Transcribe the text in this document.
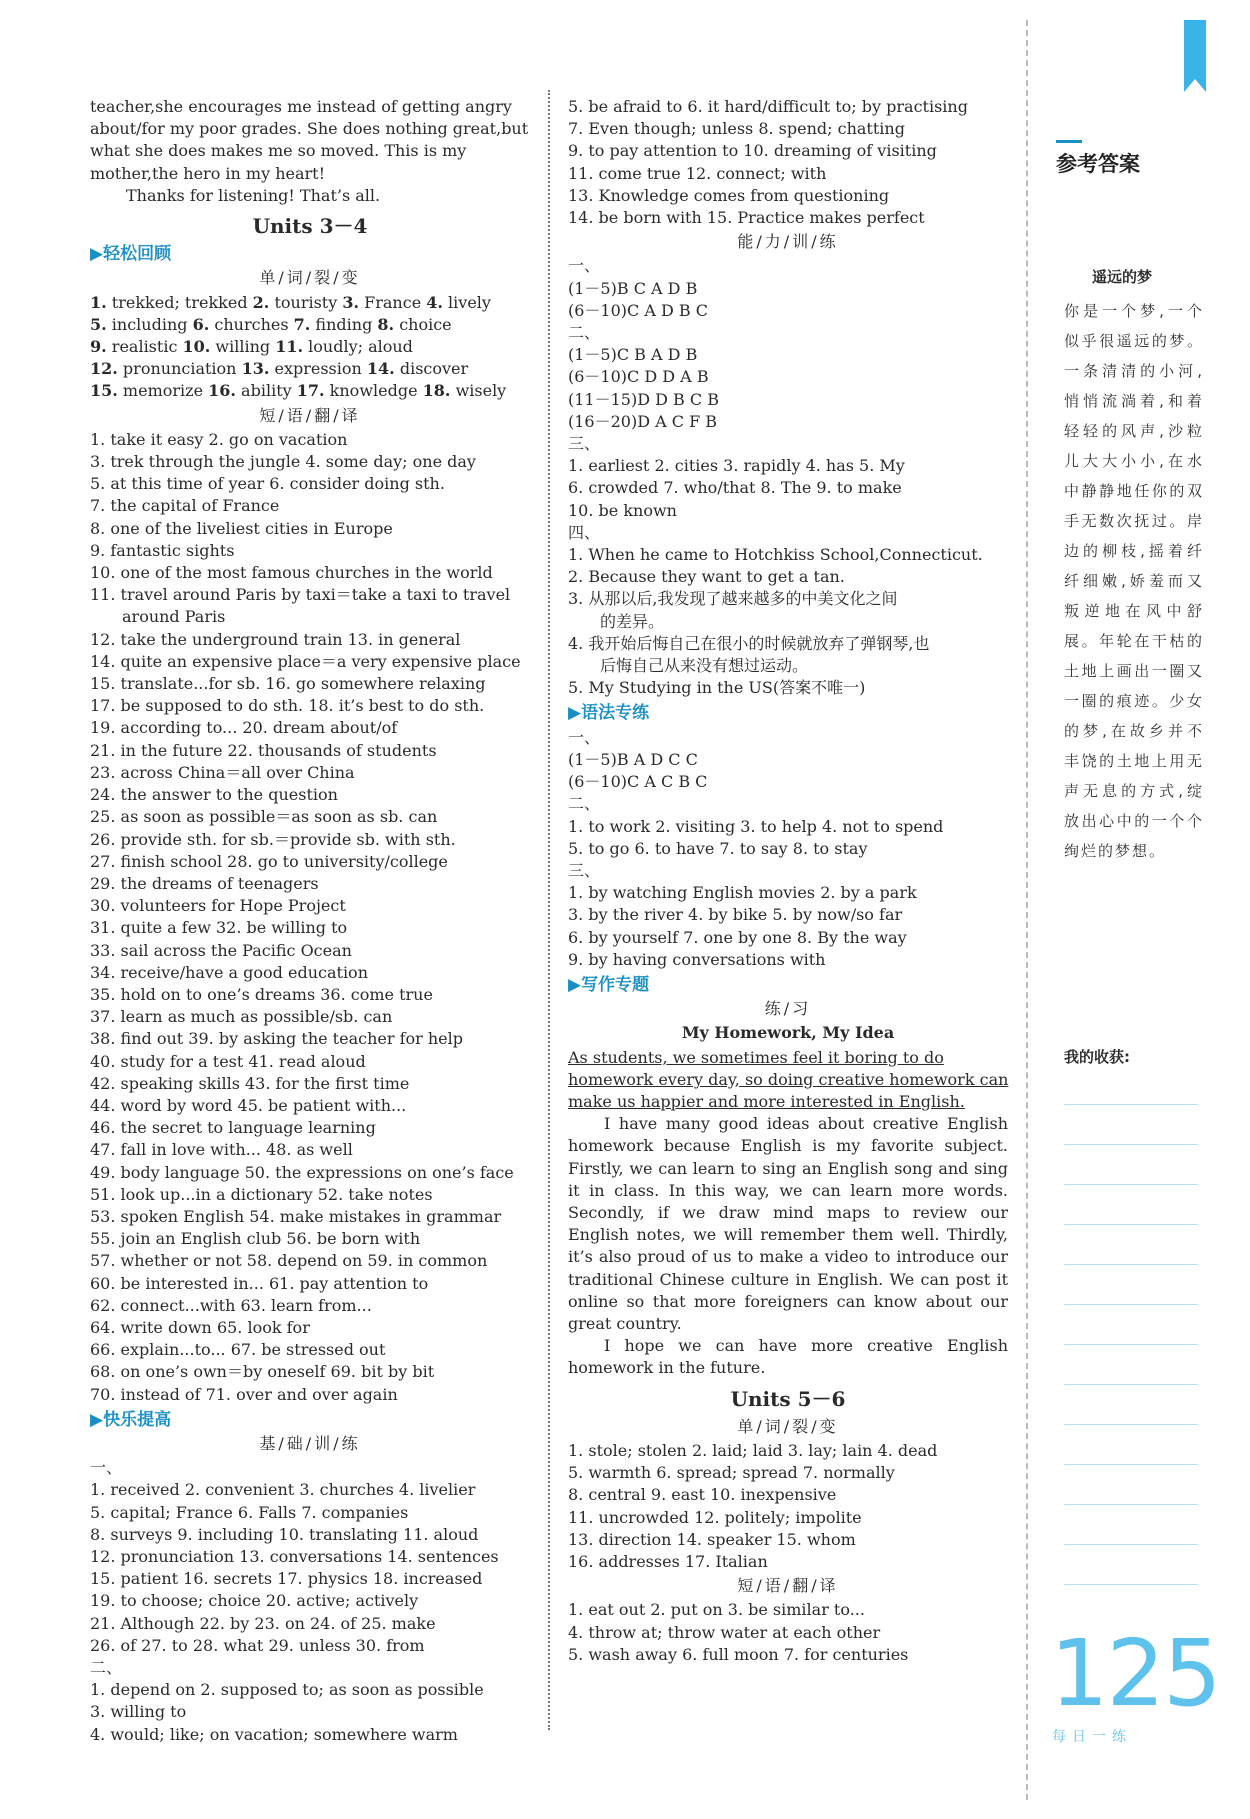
teacher,she encourages me instead of getting angry
about/for my poor grades. She does nothing great,but
what she does makes me so moved. This is my
mother,the hero in my heart!
Thanks for listening! That’s all.
Units 3－4
▶轻松回顾
单/词/裂/变
1. trekked; trekked 2. touristy 3. France 4. lively
5. including 6. churches 7. finding 8. choice
9. realistic 10. willing 11. loudly; aloud
12. pronunciation 13. expression 14. discover
15. memorize 16. ability 17. knowledge 18. wisely
短/语/翻/译
1. take it easy 2. go on vacation
3. trek through the jungle 4. some day; one day
5. at this time of year 6. consider doing sth.
7. the capital of France
8. one of the liveliest cities in Europe
9. fantastic sights
10. one of the most famous churches in the world
11. travel around Paris by taxi＝take a taxi to travel
around Paris
12. take the underground train 13. in general
14. quite an expensive place＝a very expensive place
15. translate...for sb. 16. go somewhere relaxing
17. be supposed to do sth. 18. it’s best to do sth.
19. according to... 20. dream about/of
21. in the future 22. thousands of students
23. across China＝all over China
24. the answer to the question
25. as soon as possible＝as soon as sb. can
26. provide sth. for sb.＝provide sb. with sth.
27. finish school 28. go to university/college
29. the dreams of teenagers
30. volunteers for Hope Project
31. quite a few 32. be willing to
33. sail across the Pacific Ocean
34. receive/have a good education
35. hold on to one’s dreams 36. come true
37. learn as much as possible/sb. can
38. find out 39. by asking the teacher for help
40. study for a test 41. read aloud
42. speaking skills 43. for the first time
44. word by word 45. be patient with...
46. the secret to language learning
47. fall in love with... 48. as well
49. body language 50. the expressions on one’s face
51. look up...in a dictionary 52. take notes
53. spoken English 54. make mistakes in grammar
55. join an English club 56. be born with
57. whether or not 58. depend on 59. in common
60. be interested in... 61. pay attention to
62. connect...with 63. learn from...
64. write down 65. look for
66. explain...to... 67. be stressed out
68. on one’s own＝by oneself 69. bit by bit
70. instead of 71. over and over again
▶快乐提高
基/础/训/练
一、
1. received 2. convenient 3. churches 4. livelier
5. capital; France 6. Falls 7. companies
8. surveys 9. including 10. translating 11. aloud
12. pronunciation 13. conversations 14. sentences
15. patient 16. secrets 17. physics 18. increased
19. to choose; choice 20. active; actively
21. Although 22. by 23. on 24. of 25. make
26. of 27. to 28. what 29. unless 30. from
二、
1. depend on 2. supposed to; as soon as possible
3. willing to
4. would; like; on vacation; somewhere warm
5. be afraid to 6. it hard/difficult to; by practising
7. Even though; unless 8. spend; chatting
9. to pay attention to 10. dreaming of visiting
11. come true 12. connect; with
13. Knowledge comes from questioning
14. be born with 15. Practice makes perfect
能/力/训/练
一、
(1－5)B C A D B
(6－10)C A D B C
二、
(1－5)C B A D B
(6－10)C D D A B
(11－15)D D B C B
(16－20)D A C F B
三、
1. earliest 2. cities 3. rapidly 4. has 5. My
6. crowded 7. who/that 8. The 9. to make
10. be known
四、
1. When he came to Hotchkiss School,Connecticut.
2. Because they want to get a tan.
3. 从那以后,我发现了越来越多的中美文化之间
的差异。
4. 我开始后悔自己在很小的时候就放弃了弹钢琴,也
后悔自己从来没有想过运动。
5. My Studying in the US(答案不唯一)
▶语法专练
一、
(1－5)B A D C C
(6－10)C A C B C
二、
1. to work 2. visiting 3. to help 4. not to spend
5. to go 6. to have 7. to say 8. to stay
三、
1. by watching English movies 2. by a park
3. by the river 4. by bike 5. by now/so far
6. by yourself 7. one by one 8. By the way
9. by having conversations with
▶写作专题
练/习
My Homework, My Idea
As students, we sometimes feel it boring to do
homework every day, so doing creative homework can
make us happier and more interested in English.
I have many good ideas about creative English homework because English is my favorite subject. Firstly, we can learn to sing an English song and sing it in class. In this way, we can learn more words. Secondly, if we draw mind maps to review our English notes, we will remember them well. Thirdly, it’s also proud of us to make a video to introduce our traditional Chinese culture in English. We can post it online so that more foreigners can know about our great country.
I hope we can have more creative English homework in the future.
Units 5－6
单/词/裂/变
1. stole; stolen 2. laid; laid 3. lay; lain 4. dead
5. warmth 6. spread; spread 7. normally
8. central 9. east 10. inexpensive
11. uncrowded 12. politely; impolite
13. direction 14. speaker 15. whom
16. addresses 17. Italian
短/语/翻/译
1. eat out 2. put on 3. be similar to...
4. throw at; throw water at each other
5. wash away 6. full moon 7. for centuries
参考答案
遥远的梦
你是一个梦,一个似乎很遥远的梦。一条清清的小河,悄悄流淌着,和着轻轻的风声,沙粒儿大大小小,在水中静静地任你的双手无数次抚过。岸边的柳枝,摇着纤纤细嫩,娇羞而又叛逆地在风中舒展。年轮在干枯的土地上画出一圈又一圈的痕迹。少女的梦,在故乡并不丰饶的土地上用无声无息的方式,绽放出心中的一个个绚烂的梦想。
我的收获:
125
每日一练
